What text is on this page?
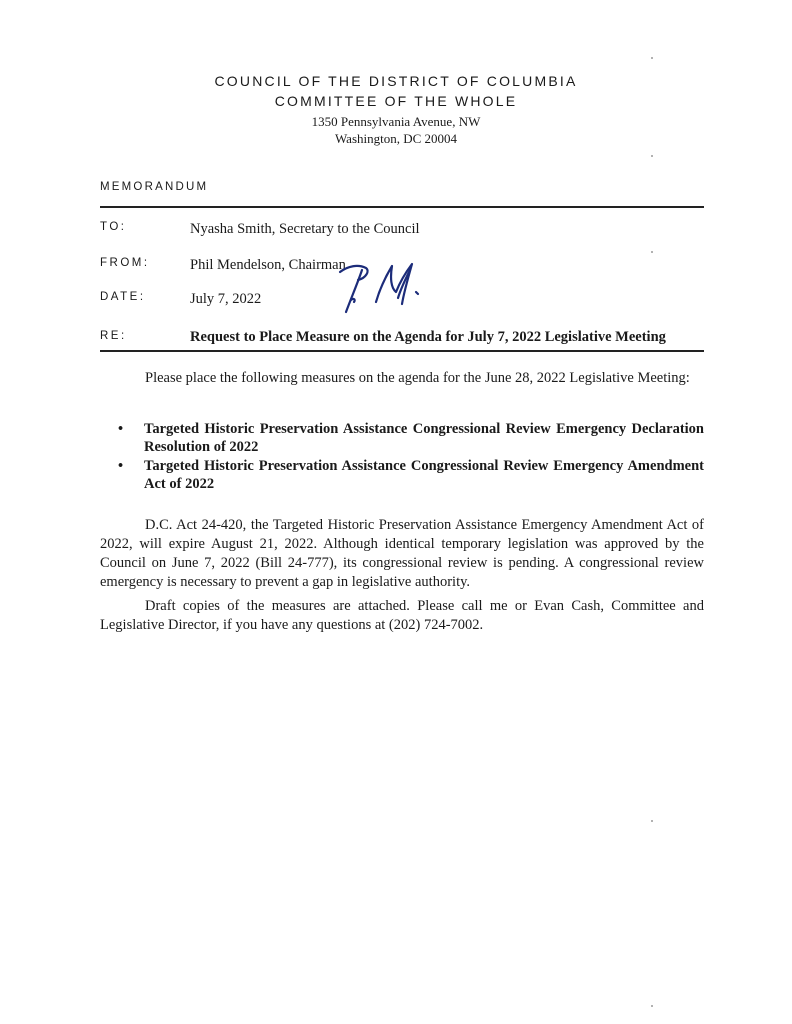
COUNCIL OF THE DISTRICT OF COLUMBIA
COMMITTEE OF THE WHOLE
1350 Pennsylvania Avenue, NW
Washington, DC 20004
MEMORANDUM
TO:	Nyasha Smith, Secretary to the Council
FROM:	Phil Mendelson, Chairman
DATE:	July 7, 2022
RE:	Request to Place Measure on the Agenda for July 7, 2022 Legislative Meeting
Please place the following measures on the agenda for the June 28, 2022 Legislative Meeting:
• Targeted Historic Preservation Assistance Congressional Review Emergency Declaration Resolution of 2022
• Targeted Historic Preservation Assistance Congressional Review Emergency Amendment Act of 2022
D.C. Act 24-420, the Targeted Historic Preservation Assistance Emergency Amendment Act of 2022, will expire August 21, 2022. Although identical temporary legislation was approved by the Council on June 7, 2022 (Bill 24-777), its congressional review is pending. A congressional review emergency is necessary to prevent a gap in legislative authority.
Draft copies of the measures are attached. Please call me or Evan Cash, Committee and Legislative Director, if you have any questions at (202) 724-7002.
